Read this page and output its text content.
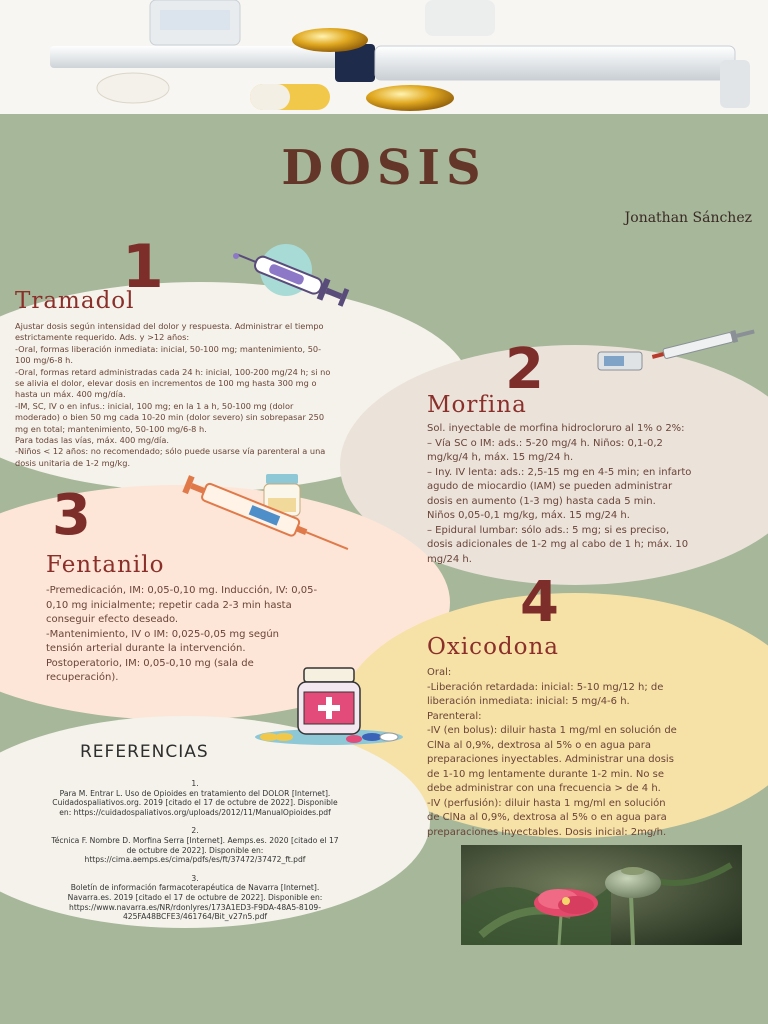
DOSIS
Jonathan Sánchez
1
Tramadol
Ajustar dosis según intensidad del dolor y respuesta. Administrar el tiempo
estrictamente requerido. Ads. y >12 años:
-Oral, formas liberación inmediata: inicial, 50-100 mg; mantenimiento, 50-
100 mg/6-8 h.
-Oral, formas retard administradas cada 24 h: inicial, 100-200 mg/24 h; si no
se alivia el dolor, elevar dosis en incrementos de 100 mg hasta 300 mg o
hasta un máx. 400 mg/día.
-IM, SC, IV o en infus.: inicial, 100 mg; en la 1 a h, 50-100 mg (dolor
moderado) o bien 50 mg cada 10-20 min (dolor severo) sin sobrepasar 250
mg en total; mantenimiento, 50-100 mg/6-8 h.
Para todas las vías, máx. 400 mg/día.
-Niños < 12 años: no recomendado; sólo puede usarse vía parenteral a una
dosis unitaria de 1-2 mg/kg.
2
Morfina
Sol. inyectable de morfina hidrocloruro al 1% o 2%:
– Vía SC o IM: ads.: 5-20 mg/4 h. Niños: 0,1-0,2
mg/kg/4 h, máx. 15 mg/24 h.
– Iny. IV lenta: ads.: 2,5-15 mg en 4-5 min; en infarto
agudo de miocardio (IAM) se pueden administrar
dosis en aumento (1-3 mg) hasta cada 5 min.
Niños 0,05-0,1 mg/kg, máx. 15 mg/24 h.
– Epidural lumbar: sólo ads.: 5 mg; si es preciso,
dosis adicionales de 1-2 mg al cabo de 1 h; máx. 10
mg/24 h.
3
Fentanilo
-Premedicación, IM: 0,05-0,10 mg. Inducción, IV: 0,05-
0,10 mg inicialmente; repetir cada 2-3 min hasta
conseguir efecto deseado.
-Mantenimiento, IV o IM: 0,025-0,05 mg según
tensión arterial durante la intervención.
Postoperatorio, IM: 0,05-0,10 mg (sala de
recuperación).
4
Oxicodona
Oral:
-Liberación retardada: inicial: 5-10 mg/12 h; de
liberación inmediata: inicial: 5 mg/4-6 h.
Parenteral:
-IV (en bolus): diluir hasta 1 mg/ml en solución de
ClNa al 0,9%, dextrosa al 5% o en agua para
preparaciones inyectables. Administrar una dosis
de 1-10 mg lentamente durante 1-2 min. No se
debe administrar con una frecuencia > de 4 h.
-IV (perfusión): diluir hasta 1 mg/ml en solución
de ClNa al 0,9%, dextrosa al 5% o en agua para
preparaciones inyectables. Dosis inicial: 2mg/h.
REFERENCIAS
1.
Para M. Entrar L. Uso de Opioides en tratamiento del DOLOR [Internet].
Cuidadospaliativos.org. 2019 [citado el 17 de octubre de 2022]. Disponible
en: https://cuidadospaliativos.org/uploads/2012/11/ManualOpioides.pdf
2.
Técnica F. Nombre D. Morfina Serra [Internet]. Aemps.es. 2020 [citado el 17
de octubre de 2022]. Disponible en:
https://cima.aemps.es/cima/pdfs/es/ft/37472/37472_ft.pdf
3.
Boletín de información farmacoterapéutica de Navarra [Internet].
Navarra.es. 2019 [citado el 17 de octubre de 2022]. Disponible en:
https://www.navarra.es/NR/rdonlyres/173A1ED3-F9DA-48A5-8109-
425FA48BCFE3/461764/Bit_v27n5.pdf
